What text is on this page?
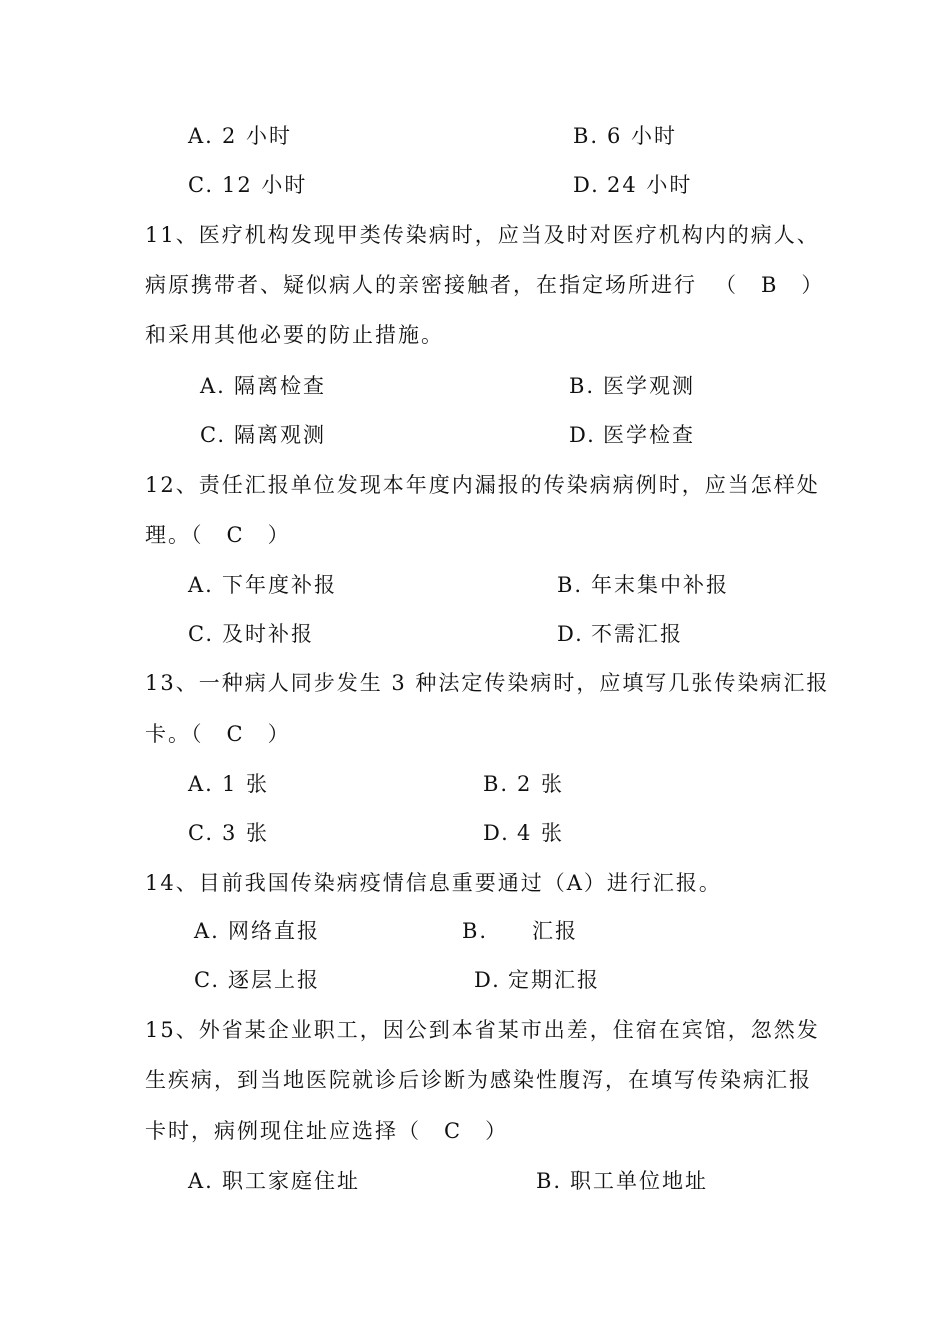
A. 2 小时	B. 6 小时
C. 12 小时	D. 24 小时
11、医疗机构发现甲类传染病时，应当及时对医疗机构内的病人、
病原携带者、疑似病人的亲密接触者，在指定场所进行 （　B　）
和采用其他必要的防止措施。
A. 隔离检查	B. 医学观测
C. 隔离观测	D. 医学检查
12、责任汇报单位发现本年度内漏报的传染病病例时，应当怎样处
理。（　C　）
A. 下年度补报	B. 年末集中补报
C. 及时补报	D. 不需汇报
13、一种病人同步发生 3 种法定传染病时，应填写几张传染病汇报
卡。（　C　）
A. 1 张	B. 2 张
C. 3 张	D. 4 张
14、目前我国传染病疫情信息重要通过（A）进行汇报。
A. 网络直报	B. 汇报
C. 逐层上报	D. 定期汇报
15、外省某企业职工，因公到本省某市出差，住宿在宾馆，忽然发
生疾病，到当地医院就诊后诊断为感染性腹泻，在填写传染病汇报
卡时，病例现住址应选择（　C　）
A. 职工家庭住址	B. 职工单位地址
